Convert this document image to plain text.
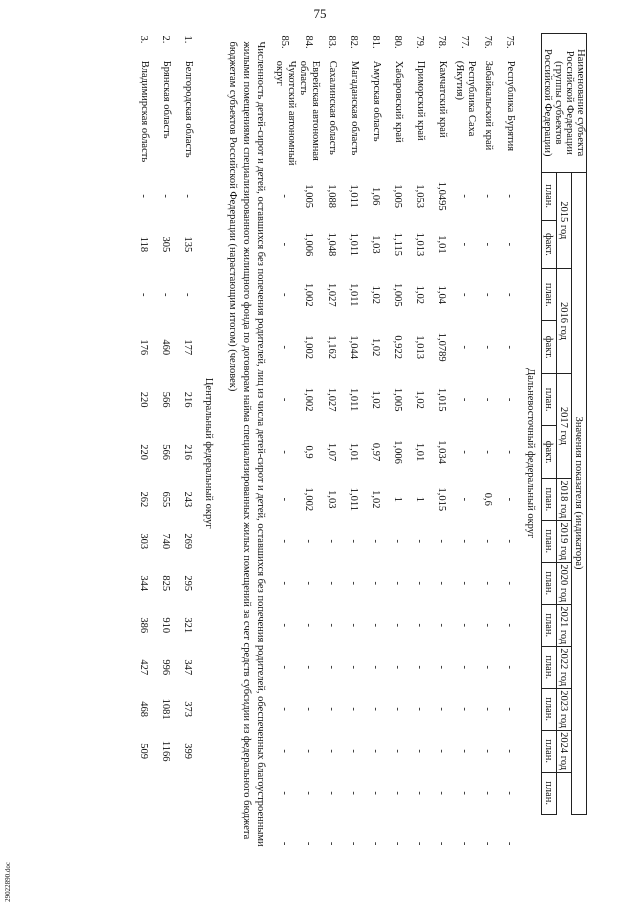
75
Наименование субъекта Российской Федерации (группы субъектов Российской Федерации)		Значения показателя (индикатора)														
		2015 год		2016 год		2017 год		2018 год	2019 год	2020 год	2021 год	2022 год	2023 год	2024 год		
		план.	факт.	план.	факт.	план.	факт.	план.	план.	план.	план.	план.	план.	план.	план.	
Дальневосточный федеральный округ																
75.	Республика Бурятия	-	-	-	-	-	-	-	-	-	-	-	-	-	-	-
76.	Забайкальский край	-	-	-	-	-	-	0,6	-	-	-	-	-	-	-	-
77.	Республика Саха (Якутия)	-	-	-	-	-	-	-	-	-	-	-	-	-	-	-
78.	Камчатский край	1,0495	1,01	1,04	1,0789	1,015	1,034	1,015	-	-	-	-	-	-	-	-
79.	Приморский край	1,053	1,013	1,02	1,013	1,02	1,01	1	-	-	-	-	-	-	-	-
80.	Хабаровский край	1,005	1,115	1,005	0,922	1,005	1,006	1	-	-	-	-	-	-	-	-
81.	Амурская область	1,06	1,03	1,02	1,02	1,02	0,97	1,02	-	-	-	-	-	-	-	-
82.	Магаданская область	1,011	1,011	1,011	1,044	1,011	1,01	1,011	-	-	-	-	-	-	-	-
83.	Сахалинская область	1,088	1,048	1,027	1,162	1,027	1,07	1,03	-	-	-	-	-	-	-	-
84.	Еврейская автономная область	1,005	1,006	1,002	1,002	1,002	0,9	1,002	-	-	-	-	-	-	-	-
85.	Чукотский автономный округ	-	-	-	-	-	-	-	-	-	-	-	-	-	-	-
Численность детей-сирот и детей, оставшихся без попечения родителей, лиц из числа детей-сирот и детей, оставшихся без попечения родителей, обеспеченных благоустроенными жилыми помещениями специализированного жилищного фонда по договорам найма специализированных жилых помещений за счет средств субсидии из федерального бюджета бюджетам субъектов Российской Федерации (нарастающим итогом) (человек)																
Центральный федеральный округ																
1.	Белгородская область	-	135	-	177	216	216	243	269	295	321	347	373	399		
2.	Брянская область	-	305	-	460	566	566	655	740	825	910	996	1081	1166		
3.	Владимирская область	-	118	-	176	220	220	262	303	344	386	427	468	509		
29022890.doc
